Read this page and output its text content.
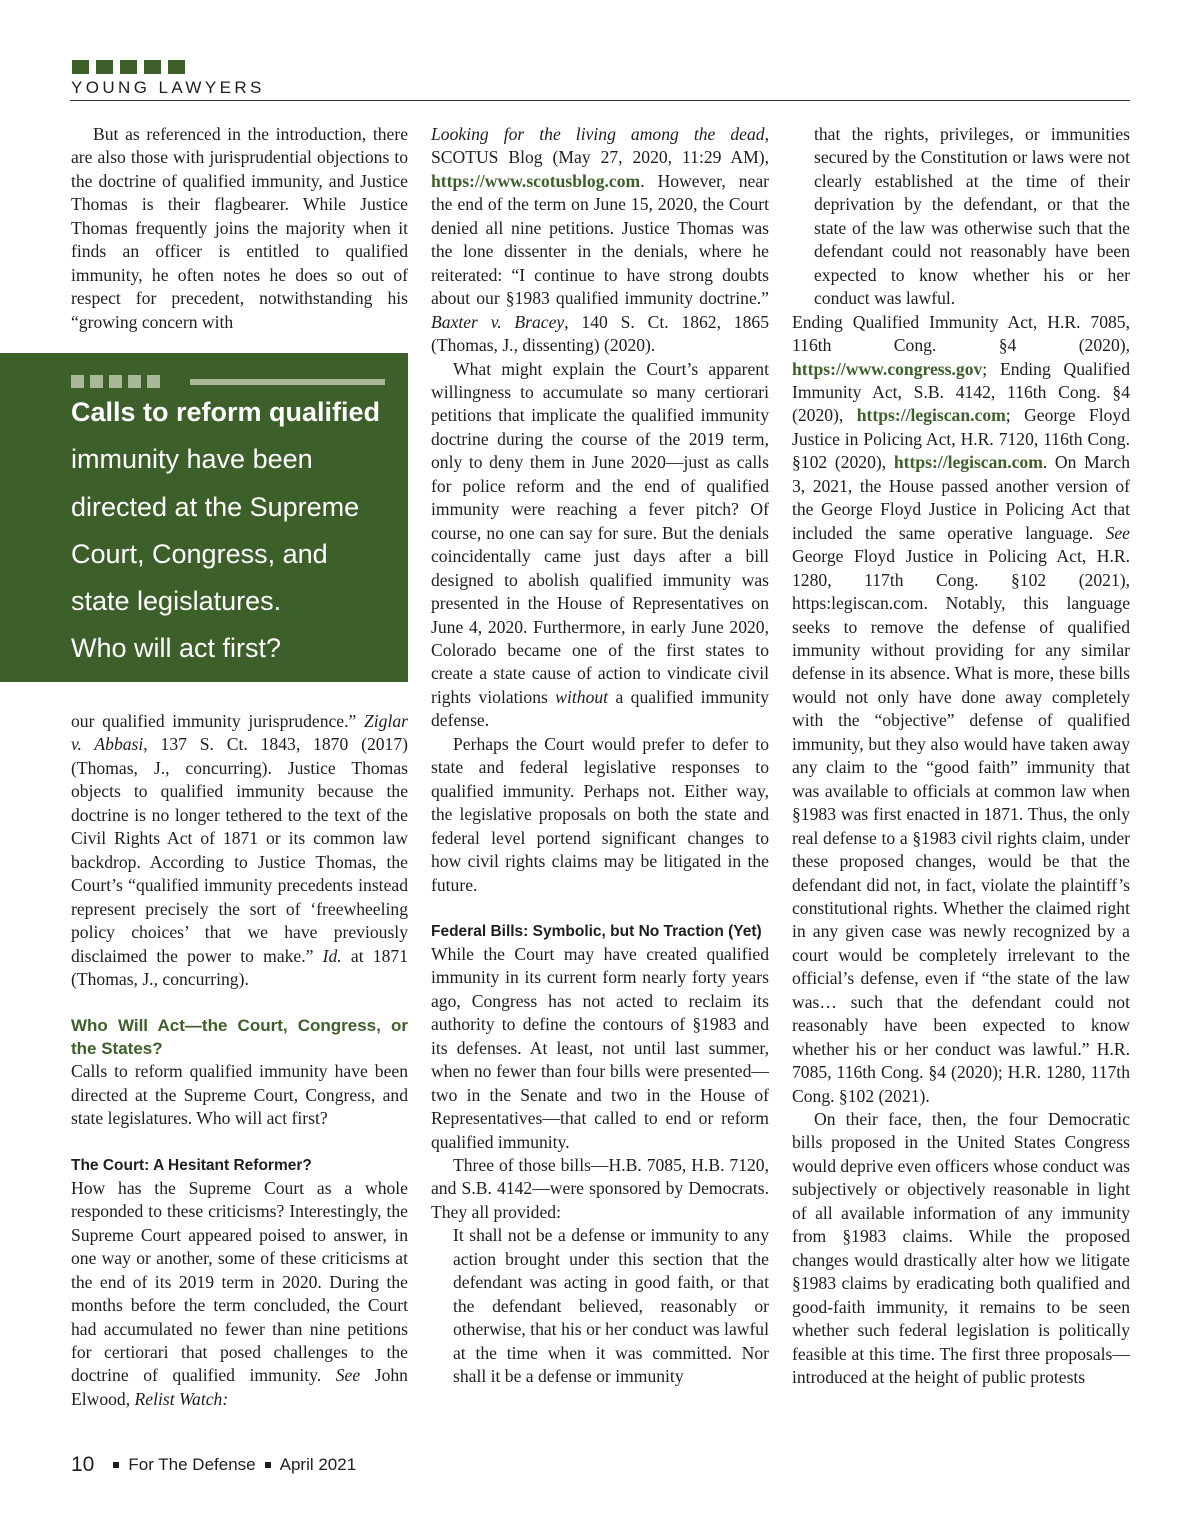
YOUNG LAWYERS

But as referenced in the introduction, there are also those with jurisprudential objections to the doctrine of qualified immunity, and Justice Thomas is their flagbearer. While Justice Thomas frequently joins the majority when it finds an officer is entitled to qualified immunity, he often notes he does so out of respect for precedent, notwithstanding his “growing concern with

Calls to reform qualified
immunity have been
directed at the Supreme
Court, Congress, and
state legislatures.
Who will act first?

our qualified immunity jurisprudence.” Ziglar v. Abbasi, 137 S. Ct. 1843, 1870 (2017) (Thomas, J., concurring). Justice Thomas objects to qualified immunity because the doctrine is no longer tethered to the text of the Civil Rights Act of 1871 or its common law backdrop. According to Justice Thomas, the Court’s “qualified immunity precedents instead represent precisely the sort of ‘freewheeling policy choices’ that we have previously disclaimed the power to make.” Id. at 1871 (Thomas, J., concurring).

Who Will Act—the Court, Congress, or the States?

Calls to reform qualified immunity have been directed at the Supreme Court, Congress, and state legislatures. Who will act first?

The Court: A Hesitant Reformer?

How has the Supreme Court as a whole responded to these criticisms? Interestingly, the Supreme Court appeared poised to answer, in one way or another, some of these criticisms at the end of its 2019 term in 2020. During the months before the term concluded, the Court had accumulated no fewer than nine petitions for certiorari that posed challenges to the doctrine of qualified immunity. See John Elwood, Relist Watch:

Looking for the living among the dead, SCOTUS Blog (May 27, 2020, 11:29 AM), https://www.scotusblog.com. However, near the end of the term on June 15, 2020, the Court denied all nine petitions. Justice Thomas was the lone dissenter in the denials, where he reiterated: “I continue to have strong doubts about our §1983 qualified immunity doctrine.” Baxter v. Bracey, 140 S. Ct. 1862, 1865 (Thomas, J., dissenting) (2020).

What might explain the Court’s apparent willingness to accumulate so many certiorari petitions that implicate the qualified immunity doctrine during the course of the 2019 term, only to deny them in June 2020—just as calls for police reform and the end of qualified immunity were reaching a fever pitch? Of course, no one can say for sure. But the denials coincidentally came just days after a bill designed to abolish qualified immunity was presented in the House of Representatives on June 4, 2020. Furthermore, in early June 2020, Colorado became one of the first states to create a state cause of action to vindicate civil rights violations without a qualified immunity defense.

Perhaps the Court would prefer to defer to state and federal legislative responses to qualified immunity. Perhaps not. Either way, the legislative proposals on both the state and federal level portend significant changes to how civil rights claims may be litigated in the future.

Federal Bills: Symbolic, but No Traction (Yet)

While the Court may have created qualified immunity in its current form nearly forty years ago, Congress has not acted to reclaim its authority to define the contours of §1983 and its defenses. At least, not until last summer, when no fewer than four bills were presented—two in the Senate and two in the House of Representatives—that called to end or reform qualified immunity.

Three of those bills—H.B. 7085, H.B. 7120, and S.B. 4142—were sponsored by Democrats. They all provided:

It shall not be a defense or immunity to any action brought under this section that the defendant was acting in good faith, or that the defendant believed, reasonably or otherwise, that his or her conduct was lawful at the time when it was committed. Nor shall it be a defense or immunity

that the rights, privileges, or immunities secured by the Constitution or laws were not clearly established at the time of their deprivation by the defendant, or that the state of the law was otherwise such that the defendant could not reasonably have been expected to know whether his or her conduct was lawful.

Ending Qualified Immunity Act, H.R. 7085, 116th Cong. §4 (2020), https://www.congress.gov; Ending Qualified Immunity Act, S.B. 4142, 116th Cong. §4 (2020), https://legiscan.com; George Floyd Justice in Policing Act, H.R. 7120, 116th Cong. §102 (2020), https://legiscan.com. On March 3, 2021, the House passed another version of the George Floyd Justice in Policing Act that included the same operative language. See George Floyd Justice in Policing Act, H.R. 1280, 117th Cong. §102 (2021), https:legiscan.com. Notably, this language seeks to remove the defense of qualified immunity without providing for any similar defense in its absence. What is more, these bills would not only have done away completely with the “objective” defense of qualified immunity, but they also would have taken away any claim to the “good faith” immunity that was available to officials at common law when §1983 was first enacted in 1871. Thus, the only real defense to a §1983 civil rights claim, under these proposed changes, would be that the defendant did not, in fact, violate the plaintiff’s constitutional rights. Whether the claimed right in any given case was newly recognized by a court would be completely irrelevant to the official’s defense, even if “the state of the law was… such that the defendant could not reasonably have been expected to know whether his or her conduct was lawful.” H.R. 7085, 116th Cong. §4 (2020); H.R. 1280, 117th Cong. §102 (2021).

On their face, then, the four Democratic bills proposed in the United States Congress would deprive even officers whose conduct was subjectively or objectively reasonable in light of all available information of any immunity from §1983 claims. While the proposed changes would drastically alter how we litigate §1983 claims by eradicating both qualified and good-faith immunity, it remains to be seen whether such federal legislation is politically feasible at this time. The first three proposals—introduced at the height of public protests

10 For The Defense April 2021
